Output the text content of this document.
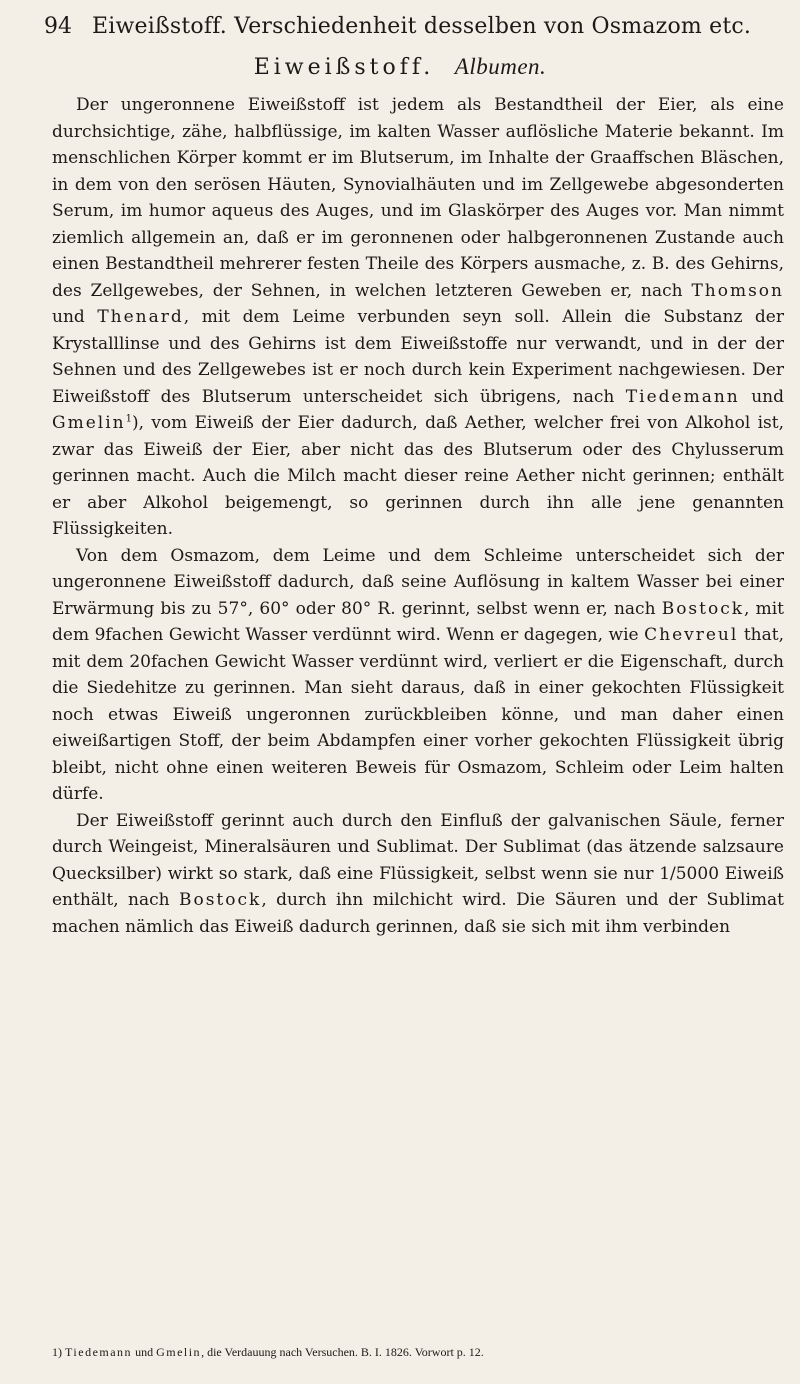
94 Eiweißstoff. Verschiedenheit desselben von Osmazom etc.
Eiweißstoff. Albumen.

Der ungeronnene Eiweißstoff ist jedem als Bestandtheil der Eier, als eine durchsichtige, zähe, halbflüssige, im kalten Wasser auflösliche Materie bekannt. Im menschlichen Körper kommt er im Blutserum, im Inhalte der Graaffschen Bläschen, in dem von den serösen Häuten, Synovialhäuten und im Zellgewebe abgesonderten Serum, im humor aqueus des Auges, und im Glaskörper des Auges vor. Man nimmt ziemlich allgemein an, daß er im geronnenen oder halbgeronnenen Zustande auch einen Bestandtheil mehrerer festen Theile des Körpers ausmache, z. B. des Gehirns, des Zellgewebes, der Sehnen, in welchen letzteren Geweben er, nach Thomson und Thenard, mit dem Leime verbunden seyn soll. Allein die Substanz der Krystalllinse und des Gehirns ist dem Eiweißstoffe nur verwandt, und in der der Sehnen und des Zellgewebes ist er noch durch kein Experiment nachgewiesen. Der Eiweißstoff des Blutserum unterscheidet sich übrigens, nach Tiedemann und Gmelin$^1$), vom Eiweiß der Eier dadurch, daß Aether, welcher frei von Alkohol ist, zwar das Eiweiß der Eier, aber nicht das des Blutserum oder des Chylusserum gerinnen macht. Auch die Milch macht dieser reine Aether nicht gerinnen; enthält er aber Alkohol beigemengt, so gerinnen durch ihn alle jene genannten Flüssigkeiten.

Von dem Osmazom, dem Leime und dem Schleime unterscheidet sich der ungeronnene Eiweißstoff dadurch, daß seine Auflösung in kaltem Wasser bei einer Erwärmung bis zu 57°, 60° oder 80° R. gerinnt, selbst wenn er, nach Bostock, mit dem 9fachen Gewicht Wasser verdünnt wird. Wenn er dagegen, wie Chevreul that, mit dem 20fachen Gewicht Wasser verdünnt wird, verliert er die Eigenschaft, durch die Siedehitze zu gerinnen. Man sieht daraus, daß in einer gekochten Flüssigkeit noch etwas Eiweiß ungeronnen zurückbleiben könne, und man daher einen eiweißartigen Stoff, der beim Abdampfen einer vorher gekochten Flüssigkeit übrig bleibt, nicht ohne einen weiteren Beweis für Osmazom, Schleim oder Leim halten dürfe.

Der Eiweißstoff gerinnt auch durch den Einfluß der galvanischen Säule, ferner durch Weingeist, Mineralsäuren und Sublimat. Der Sublimat (das ätzende salzsaure Quecksilber) wirkt so stark, daß eine Flüssigkeit, selbst wenn sie nur 1/5000 Eiweiß enthält, nach Bostock, durch ihn milchicht wird. Die Säuren und der Sublimat machen nämlich das Eiweiß dadurch gerinnen, daß sie sich mit ihm verbinden

1) Tiedemann und Gmelin, die Verdauung nach Versuchen. B. I. 1826. Vorwort p. 12.
